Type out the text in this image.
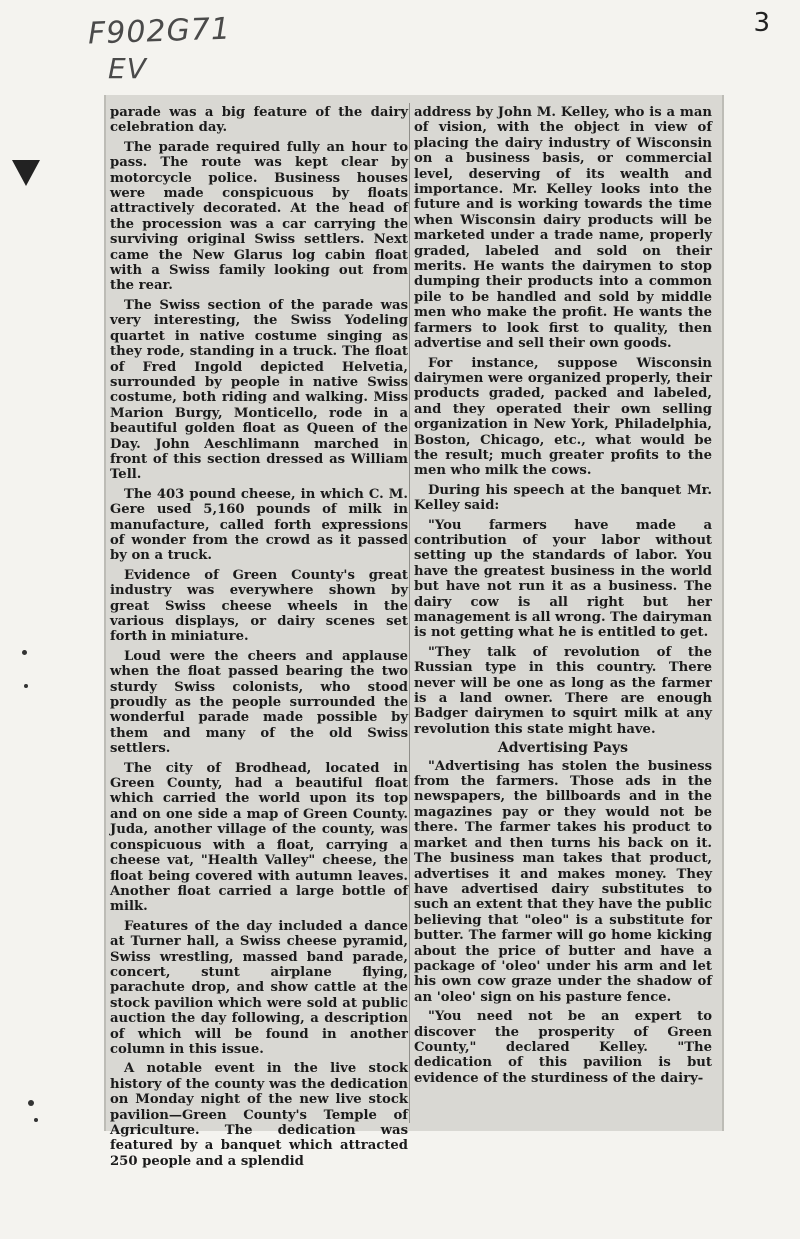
F902G71
EV
3

parade was a big feature of the dairy celebration day.

The parade required fully an hour to pass. The route was kept clear by motorcycle police. Business houses were made conspicuous by floats attractively decorated. At the head of the procession was a car carrying the surviving original Swiss settlers. Next came the New Glarus log cabin float with a Swiss family looking out from the rear.

The Swiss section of the parade was very interesting, the Swiss Yodeling quartet in native costume singing as they rode, standing in a truck. The float of Fred Ingold depicted Helvetia, surrounded by people in native Swiss costume, both riding and walking. Miss Marion Burgy, Monticello, rode in a beautiful golden float as Queen of the Day. John Aeschlimann marched in front of this section dressed as William Tell.

The 403 pound cheese, in which C. M. Gere used 5,160 pounds of milk in manufacture, called forth expressions of wonder from the crowd as it passed by on a truck.

Evidence of Green County's great industry was everywhere shown by great Swiss cheese wheels in the various displays, or dairy scenes set forth in miniature.

Loud were the cheers and applause when the float passed bearing the two sturdy Swiss colonists, who stood proudly as the people surrounded the wonderful parade made possible by them and many of the old Swiss settlers.

The city of Brodhead, located in Green County, had a beautiful float which carried the world upon its top and on one side a map of Green County. Juda, another village of the county, was conspicuous with a float, carrying a cheese vat, "Health Valley" cheese, the float being covered with autumn leaves. Another float carried a large bottle of milk.

Features of the day included a dance at Turner hall, a Swiss cheese pyramid, Swiss wrestling, massed band parade, concert, stunt airplane flying, parachute drop, and show cattle at the stock pavilion which were sold at public auction the day following, a description of which will be found in another column in this issue.

A notable event in the live stock history of the county was the dedication on Monday night of the new live stock pavilion—Green County's Temple of Agriculture. The dedication was featured by a banquet which attracted 250 people and a splendid

address by John M. Kelley, who is a man of vision, with the object in view of placing the dairy industry of Wisconsin on a business basis, or commercial level, deserving of its wealth and importance. Mr. Kelley looks into the future and is working towards the time when Wisconsin dairy products will be marketed under a trade name, properly graded, labeled and sold on their merits. He wants the dairymen to stop dumping their products into a common pile to be handled and sold by middle men who make the profit. He wants the farmers to look first to quality, then advertise and sell their own goods.

For instance, suppose Wisconsin dairymen were organized properly, their products graded, packed and labeled, and they operated their own selling organization in New York, Philadelphia, Boston, Chicago, etc., what would be the result; much greater profits to the men who milk the cows.

During his speech at the banquet Mr. Kelley said:

"You farmers have made a contribution of your labor without setting up the standards of labor. You have the greatest business in the world but have not run it as a business. The dairy cow is all right but her management is all wrong. The dairyman is not getting what he is entitled to get.

"They talk of revolution of the Russian type in this country. There never will be one as long as the farmer is a land owner. There are enough Badger dairymen to squirt milk at any revolution this state might have.

Advertising Pays

"Advertising has stolen the business from the farmers. Those ads in the newspapers, the billboards and in the magazines pay or they would not be there. The farmer takes his product to market and then turns his back on it. The business man takes that product, advertises it and makes money. They have advertised dairy substitutes to such an extent that they have the public believing that "oleo" is a substitute for butter. The farmer will go home kicking about the price of butter and have a package of 'oleo' under his arm and let his own cow graze under the shadow of an 'oleo' sign on his pasture fence.

"You need not be an expert to discover the prosperity of Green County," declared Kelley. "The dedication of this pavilion is but evidence of the sturdiness of the dairy-
